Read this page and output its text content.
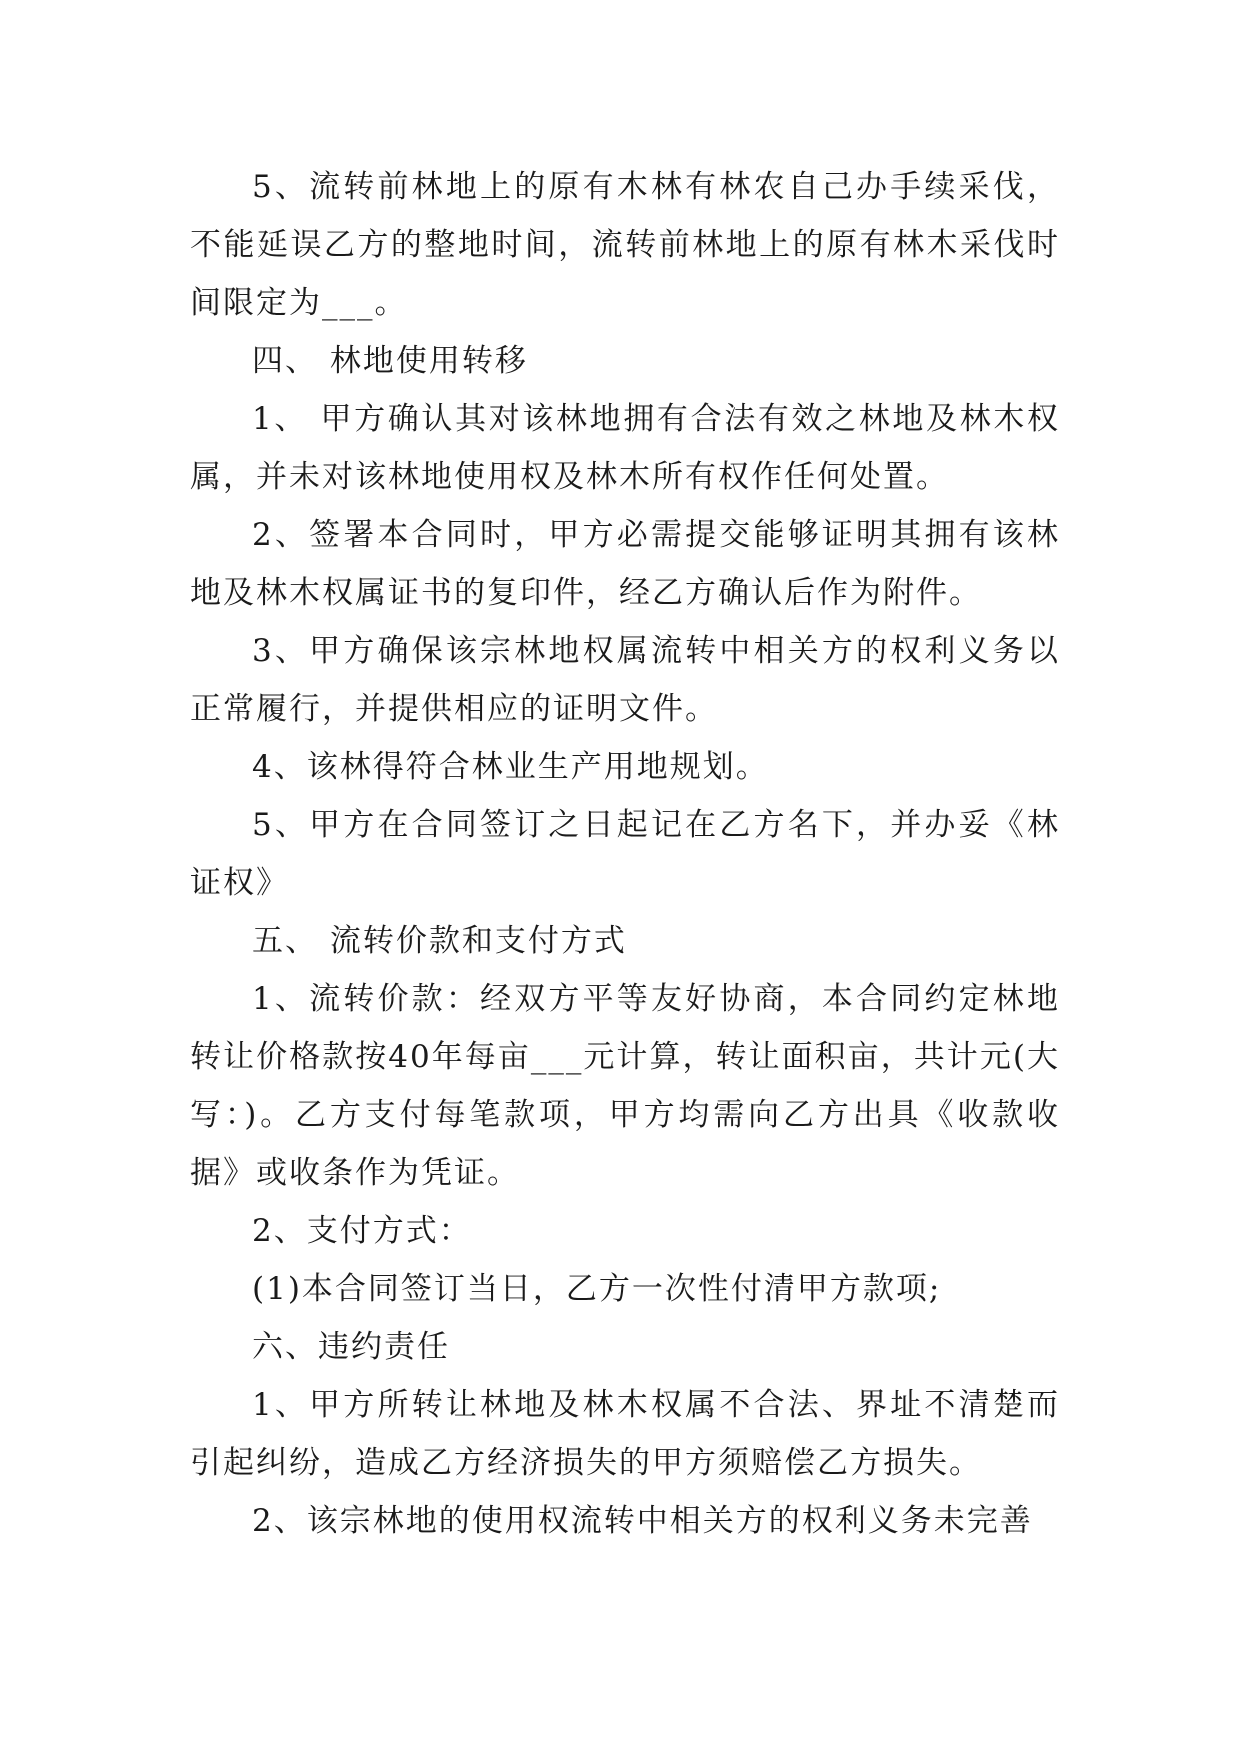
5、流转前林地上的原有木林有林农自己办手续采伐，不能延误乙方的整地时间，流转前林地上的原有林木采伐时间限定为___。

四、 林地使用转移

1、 甲方确认其对该林地拥有合法有效之林地及林木权属，并未对该林地使用权及林木所有权作任何处置。

2、签署本合同时，甲方必需提交能够证明其拥有该林地及林木权属证书的复印件，经乙方确认后作为附件。

3、甲方确保该宗林地权属流转中相关方的权利义务以正常履行，并提供相应的证明文件。

4、该林得符合林业生产用地规划。

5、甲方在合同签订之日起记在乙方名下，并办妥《林证权》

五、 流转价款和支付方式

1、流转价款：经双方平等友好协商，本合同约定林地转让价格款按40年每亩___元计算，转让面积亩，共计元(大写：)。乙方支付每笔款项，甲方均需向乙方出具《收款收据》或收条作为凭证。

2、支付方式：

(1)本合同签订当日，乙方一次性付清甲方款项;

六、违约责任

1、甲方所转让林地及林木权属不合法、界址不清楚而引起纠纷，造成乙方经济损失的甲方须赔偿乙方损失。

2、该宗林地的使用权流转中相关方的权利义务未完善
